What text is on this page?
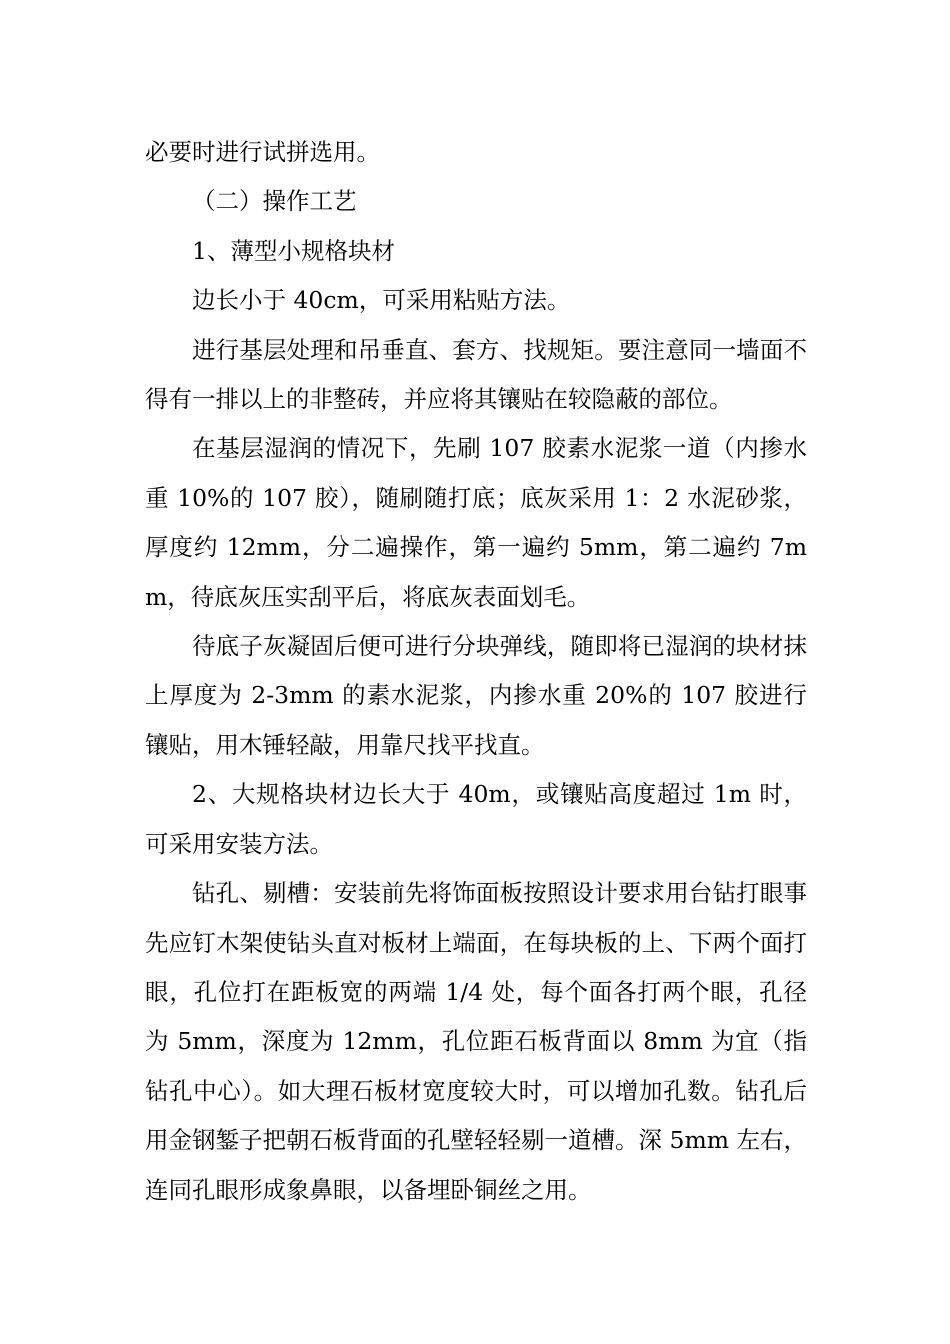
必要时进行试拼选用。

（二）操作工艺

1、薄型小规格块材

边长小于 40cm，可采用粘贴方法。

进行基层处理和吊垂直、套方、找规矩。要注意同一墙面不得有一排以上的非整砖，并应将其镶贴在较隐蔽的部位。

在基层湿润的情况下，先刷 107 胶素水泥浆一道（内掺水重 10%的 107 胶），随刷随打底；底灰采用 1：2 水泥砂浆，厚度约 12mm，分二遍操作，第一遍约 5mm，第二遍约 7mm，待底灰压实刮平后，将底灰表面划毛。

待底子灰凝固后便可进行分块弹线，随即将已湿润的块材抹上厚度为 2-3mm 的素水泥浆，内掺水重 20%的 107 胶进行镶贴，用木锤轻敲，用靠尺找平找直。

2、大规格块材边长大于 40m，或镶贴高度超过 1m 时，可采用安装方法。

钻孔、剔槽：安装前先将饰面板按照设计要求用台钻打眼事先应钉木架使钻头直对板材上端面，在每块板的上、下两个面打眼，孔位打在距板宽的两端 1/4 处，每个面各打两个眼，孔径为 5mm，深度为 12mm，孔位距石板背面以 8mm 为宜（指钻孔中心）。如大理石板材宽度较大时，可以增加孔数。钻孔后用金钢錾子把朝石板背面的孔壁轻轻剔一道槽。深 5mm 左右，连同孔眼形成象鼻眼，以备埋卧铜丝之用。
